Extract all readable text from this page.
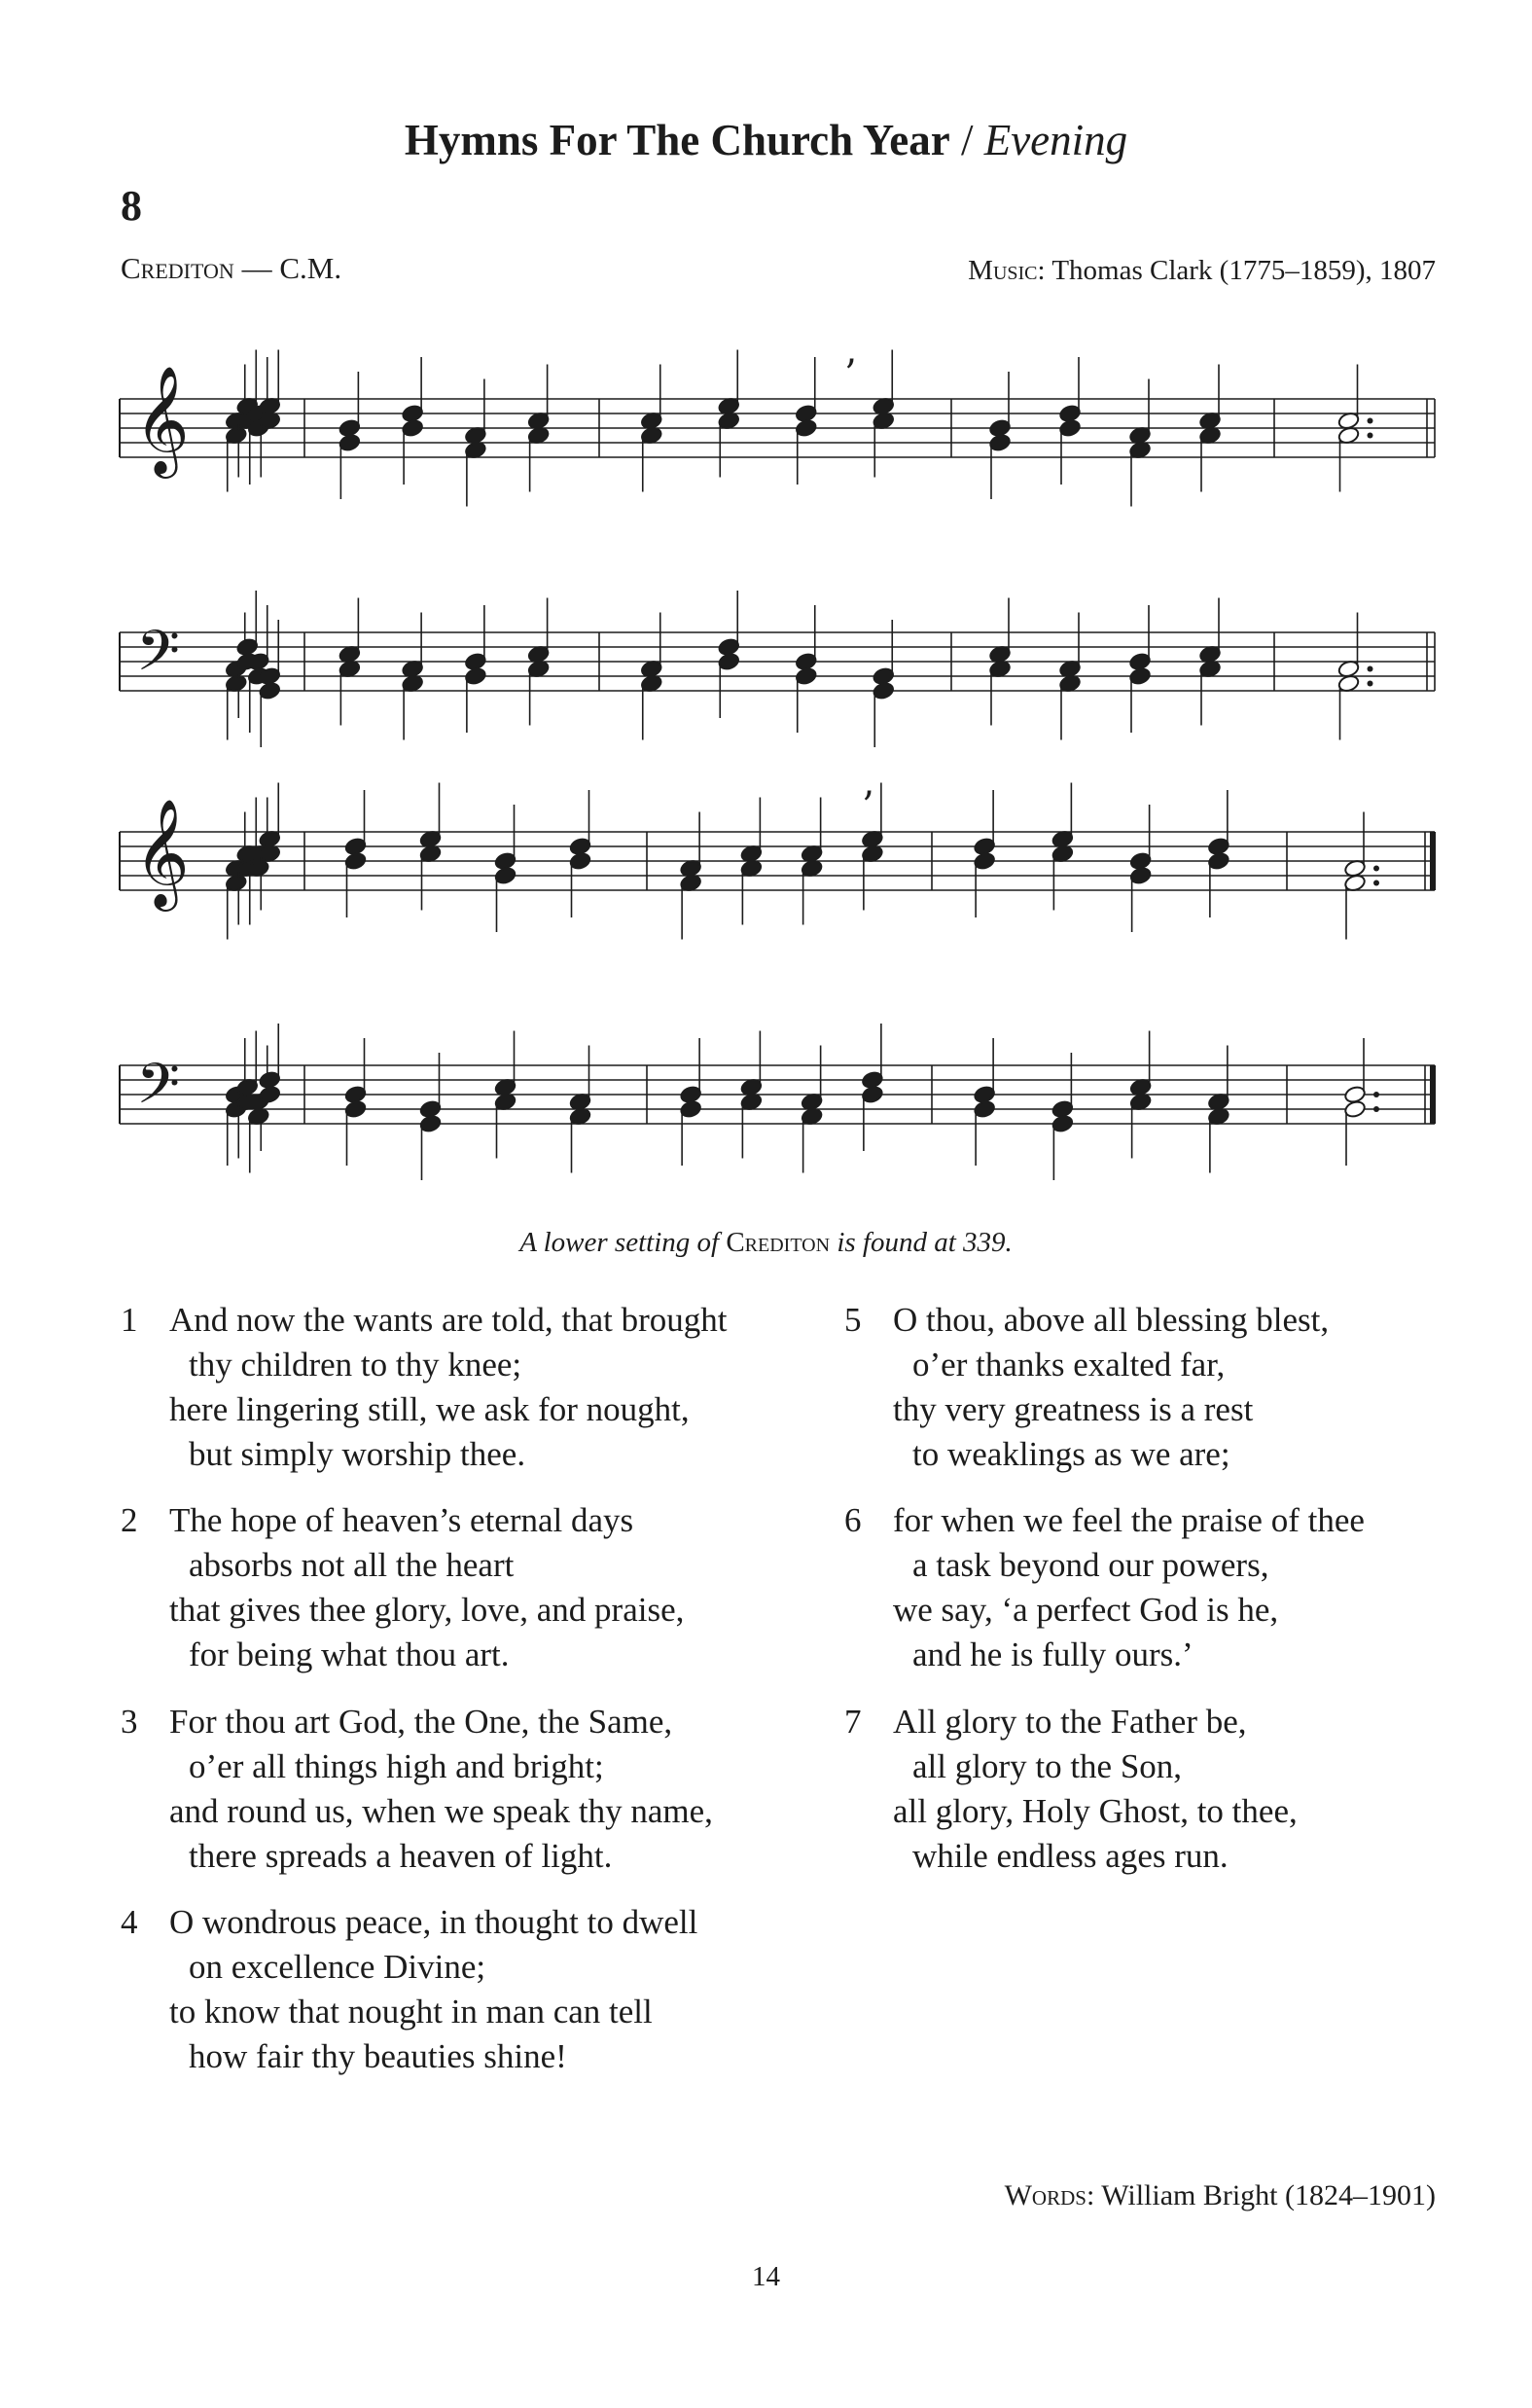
Hymns For The Church Year / Evening
8
Crediton — C.M.	Music: Thomas Clark (1775–1859), 1807
𝄞
𝄢
𝄞
𝄢
’
’
A lower setting of Crediton is found at 339.
1 And now the wants are told, that brought
thy children to thy knee;
here lingering still, we ask for nought,
but simply worship thee.
2 The hope of heaven’s eternal days
absorbs not all the heart
that gives thee glory, love, and praise,
for being what thou art.
3 For thou art God, the One, the Same,
o’er all things high and bright;
and round us, when we speak thy name,
there spreads a heaven of light.
4 O wondrous peace, in thought to dwell
on excellence Divine;
to know that nought in man can tell
how fair thy beauties shine!
5 O thou, above all blessing blest,
o’er thanks exalted far,
thy very greatness is a rest
to weaklings as we are;
6 for when we feel the praise of thee
a task beyond our powers,
we say, ‘a perfect God is he,
and he is fully ours.’
7 All glory to the Father be,
all glory to the Son,
all glory, Holy Ghost, to thee,
while endless ages run.
Words: William Bright (1824–1901)
14
